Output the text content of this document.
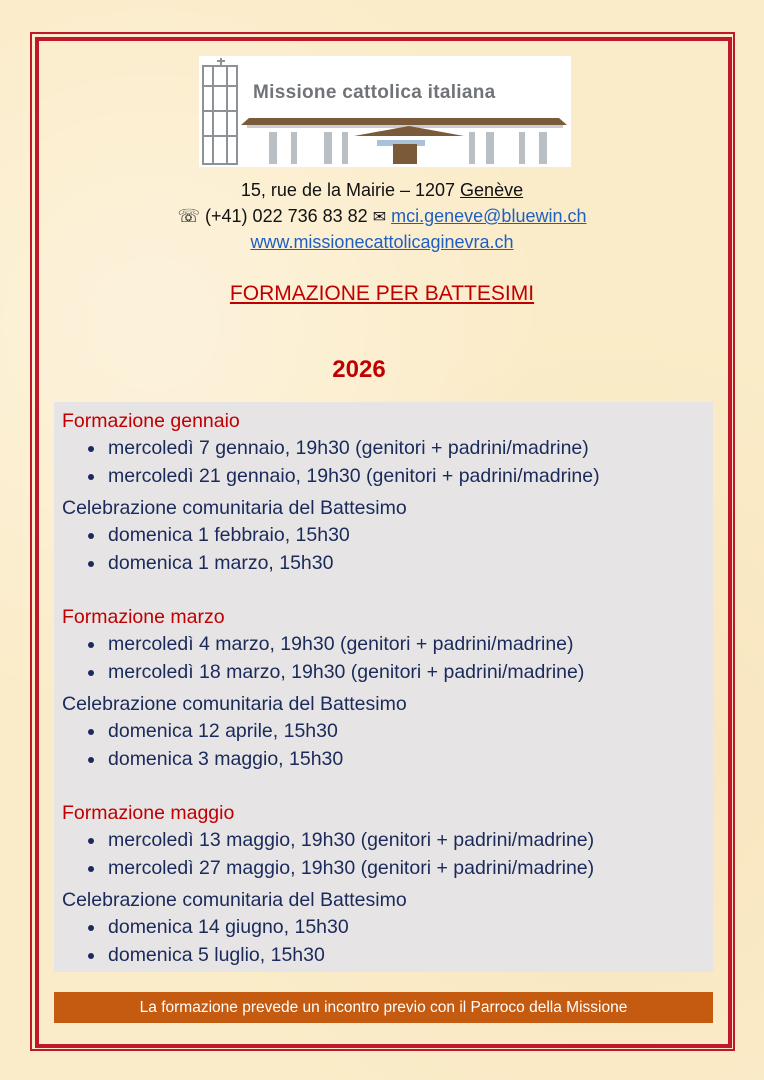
Missione cattolica italiana
15, rue de la Mairie – 1207 Genève
☏ (+41) 022 736 83 82 ✉ mci.geneve@bluewin.ch
www.missionecattolicaginevra.ch
FORMAZIONE PER BATTESIMI
2026
Formazione gennaio
mercoledì 7 gennaio, 19h30 (genitori + padrini/madrine)
mercoledì 21 gennaio, 19h30 (genitori + padrini/madrine)
Celebrazione comunitaria del Battesimo
domenica 1 febbraio, 15h30
domenica 1 marzo, 15h30
Formazione marzo
mercoledì 4 marzo, 19h30 (genitori + padrini/madrine)
mercoledì 18 marzo, 19h30 (genitori + padrini/madrine)
Celebrazione comunitaria del Battesimo
domenica 12 aprile, 15h30
domenica 3 maggio, 15h30
Formazione maggio
mercoledì 13 maggio, 19h30 (genitori + padrini/madrine)
mercoledì 27 maggio, 19h30 (genitori + padrini/madrine)
Celebrazione comunitaria del Battesimo
domenica 14 giugno, 15h30
domenica 5 luglio, 15h30
La formazione prevede un incontro previo con il Parroco della Missione
